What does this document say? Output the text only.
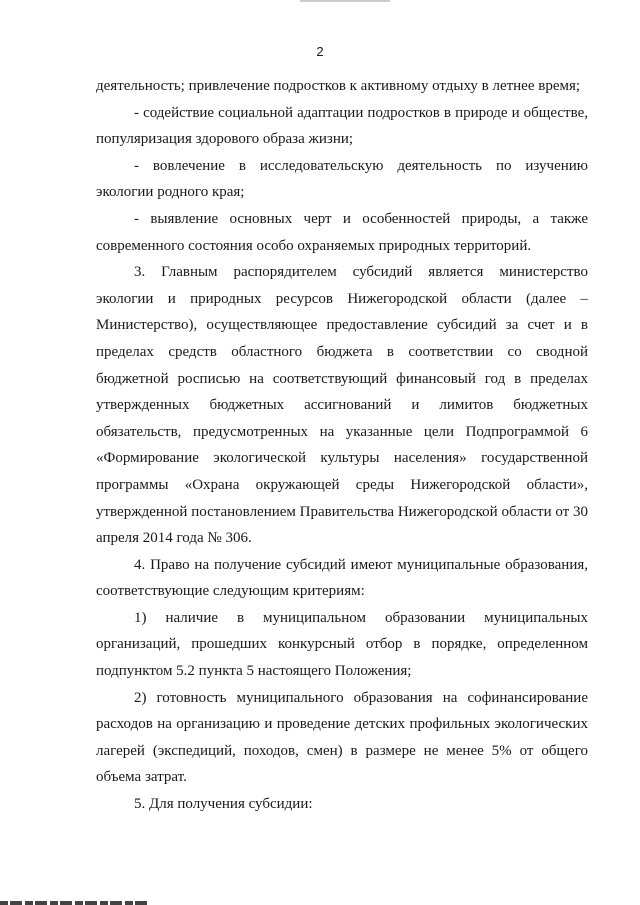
2

деятельность; привлечение подростков к активному отдыху в летнее время;

- содействие социальной адаптации подростков в природе и обществе, популяризация здорового образа жизни;

- вовлечение в исследовательскую деятельность по изучению экологии родного края;

- выявление основных черт и особенностей природы, а также современного состояния особо охраняемых природных территорий.

3. Главным распорядителем субсидий является министерство экологии и природных ресурсов Нижегородской области (далее – Министерство), осуществляющее предоставление субсидий за счет и в пределах средств областного бюджета в соответствии со сводной бюджетной росписью на соответствующий финансовый год в пределах утвержденных бюджетных ассигнований и лимитов бюджетных обязательств, предусмотренных на указанные цели Подпрограммой 6 «Формирование экологической культуры населения» государственной программы «Охрана окружающей среды Нижегородской области», утвержденной постановлением Правительства Нижегородской области от 30 апреля 2014 года № 306.

4. Право на получение субсидий имеют муниципальные образования, соответствующие следующим критериям:

1) наличие в муниципальном образовании муниципальных организаций, прошедших конкурсный отбор в порядке, определенном подпунктом 5.2 пункта 5 настоящего Положения;

2) готовность муниципального образования на софинансирование расходов на организацию и проведение детских профильных экологических лагерей (экспедиций, походов, смен) в размере не менее 5% от общего объема затрат.

5. Для получения субсидии:
